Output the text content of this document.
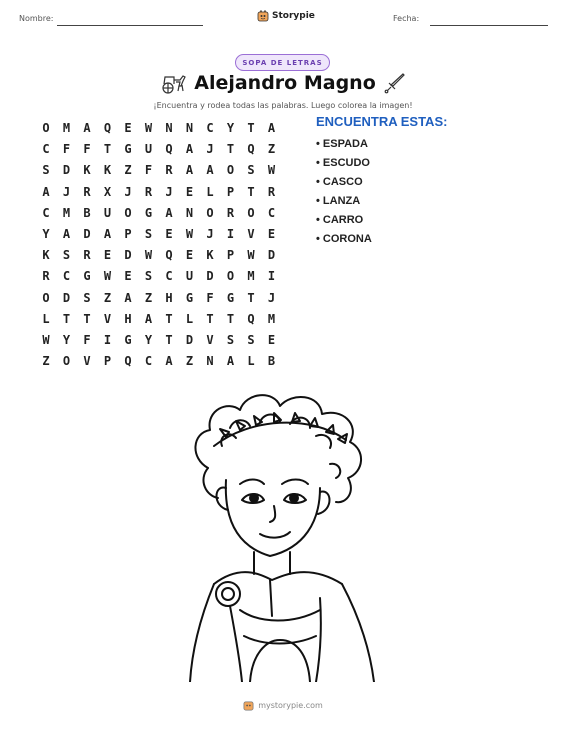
Nombre:	Storypie	Fecha:
SOPA DE LETRAS
Alejandro Magno
¡Encuentra y rodea todas las palabras. Luego colorea la imagen!
O	M	A	Q	E	W	N	N	C	Y	T	A
C	F	F	T	G	U	Q	A	J	T	Q	Z
S	D	K	K	Z	F	R	A	A	O	S	W
A	J	R	X	J	R	J	E	L	P	T	R
C	M	B	U	O	G	A	N	O	R	O	C
Y	A	D	A	P	S	E	W	J	I	V	E
K	S	R	E	D	W	Q	E	K	P	W	D
R	C	G	W	E	S	C	U	D	O	M	I
O	D	S	Z	A	Z	H	G	F	G	T	J
L	T	T	V	H	A	T	L	T	T	Q	M
W	Y	F	I	G	Y	T	D	V	S	S	E
Z	O	V	P	Q	C	A	Z	N	A	L	B
ENCUENTRA ESTAS:
• ESPADA
• ESCUDO
• CASCO
• LANZA
• CARRO
• CORONA
mystorypie.com
